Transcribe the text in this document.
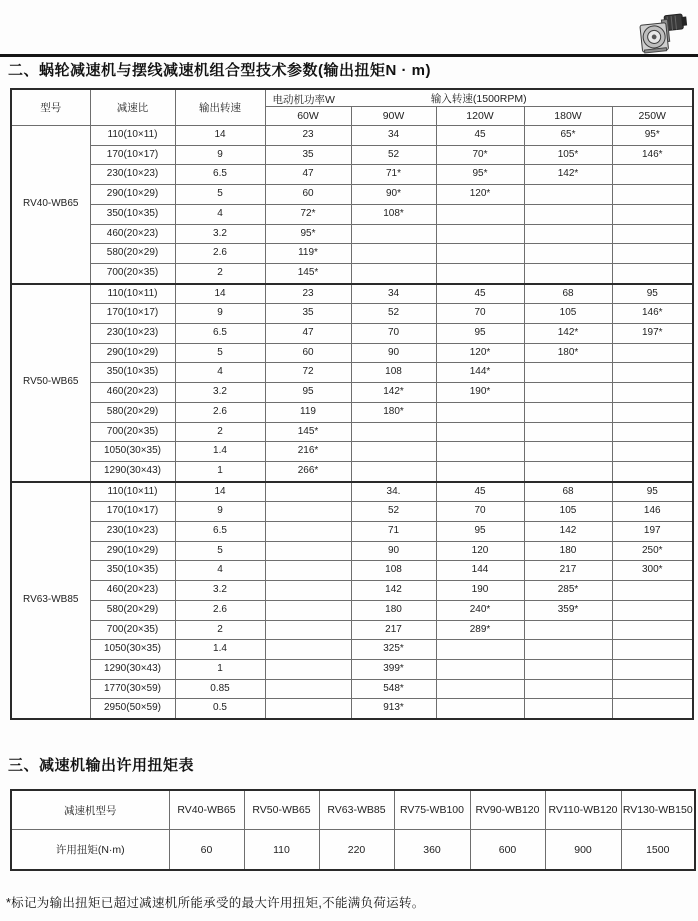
二、蜗轮减速机与摆线减速机组合型技术参数(输出扭矩N · m)
型号	减速比	输出转速	电动机功率W 输入转速(1500RPM)				
			60W	90W	120W	180W	250W
RV40-WB65	110(10×11)	14	23	34	45	65*	95*
	170(10×17)	9	35	52	70*	105*	146*
	230(10×23)	6.5	47	71*	95*	142*	
	290(10×29)	5	60	90*	120*		
	350(10×35)	4	72*	108*			
	460(20×23)	3.2	95*				
	580(20×29)	2.6	119*				
	700(20×35)	2	145*				
RV50-WB65	110(10×11)	14	23	34	45	68	95
	170(10×17)	9	35	52	70	105	146*
	230(10×23)	6.5	47	70	95	142*	197*
	290(10×29)	5	60	90	120*	180*	
	350(10×35)	4	72	108	144*		
	460(20×23)	3.2	95	142*	190*		
	580(20×29)	2.6	119	180*			
	700(20×35)	2	145*				
	1050(30×35)	1.4	216*				
	1290(30×43)	1	266*				
RV63-WB85	110(10×11)	14		34.	45	68	95
	170(10×17)	9		52	70	105	146
	230(10×23)	6.5		71	95	142	197
	290(10×29)	5		90	120	180	250*
	350(10×35)	4		108	144	217	300*
	460(20×23)	3.2		142	190	285*	
	580(20×29)	2.6		180	240*	359*	
	700(20×35)	2		217	289*		
	1050(30×35)	1.4		325*			
	1290(30×43)	1		399*			
	1770(30×59)	0.85		548*			
	2950(50×59)	0.5		913*			
三、减速机输出许用扭矩表
减速机型号	RV40-WB65	RV50-WB65	RV63-WB85	RV75-WB100	RV90-WB120	RV110-WB120	RV130-WB150
许用扭矩(N·m)	60	110	220	360	600	900	1500
*标记为输出扭矩已超过减速机所能承受的最大许用扭矩,不能满负荷运转。
